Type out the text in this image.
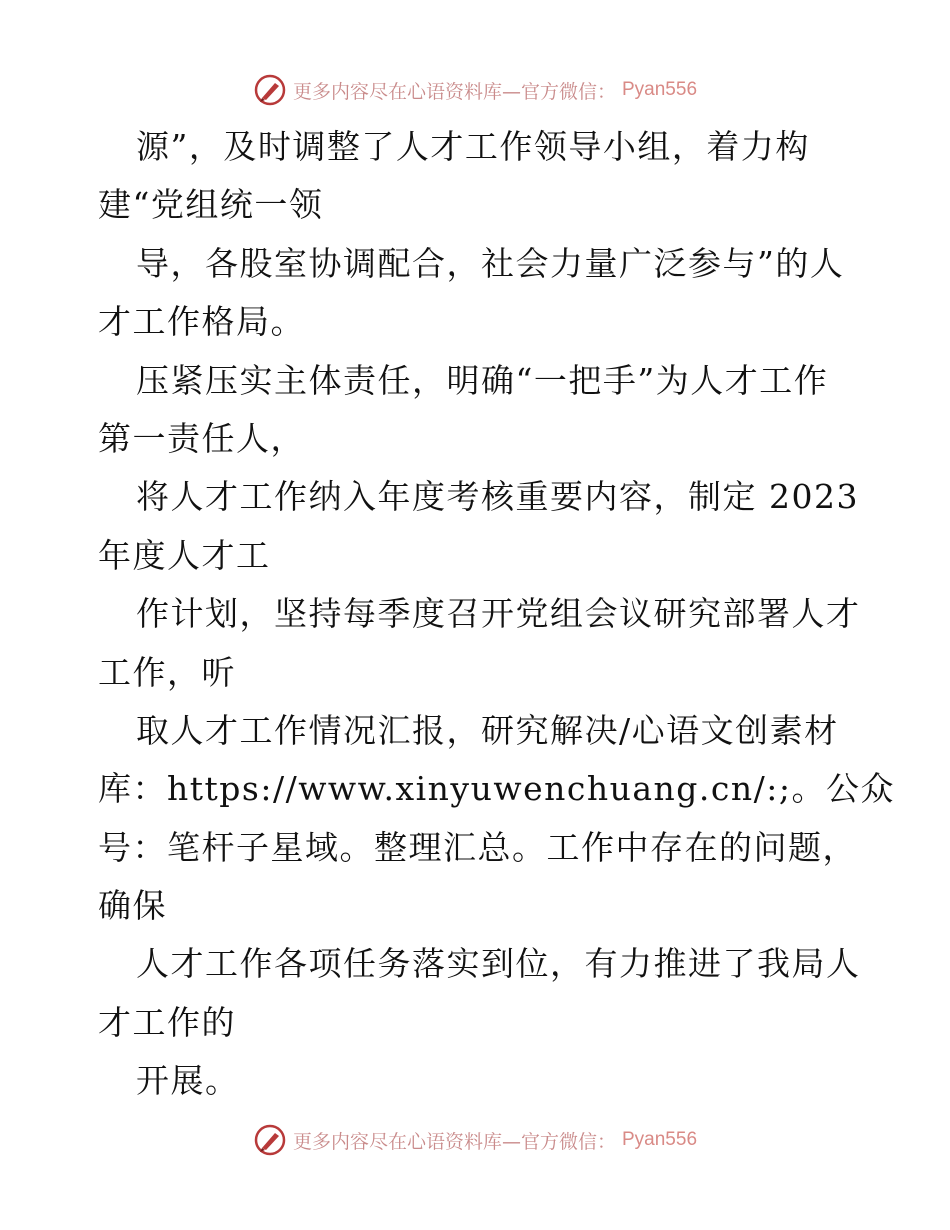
更多内容尽在心语资料库—官方微信： Pyan556
源”，及时调整了人才工作领导小组，着力构
建“党组统一领
导，各股室协调配合，社会力量广泛参与”的人
才工作格局。
压紧压实主体责任，明确“一把手”为人才工作
第一责任人，
将人才工作纳入年度考核重要内容，制定 2023
年度人才工
作计划，坚持每季度召开党组会议研究部署人才
工作，听
取人才工作情况汇报，研究解决/心语文创素材
库：https://www.xinyuwenchuang.cn/:;。公众
号：笔杆子星域。整理汇总。工作中存在的问题，
确保
人才工作各项任务落实到位，有力推进了我局人
才工作的
开展。
更多内容尽在心语资料库—官方微信： Pyan556
